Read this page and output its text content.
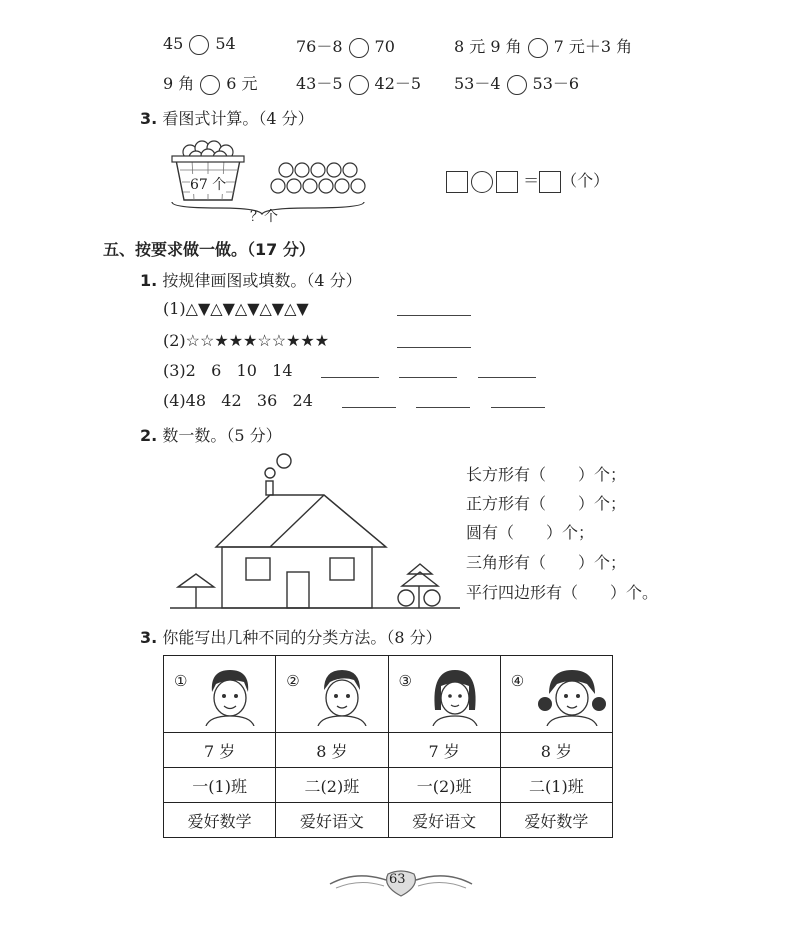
45 54	76－8 70	8 元 9 角 7 元＋3 角
9 角 6 元 43－5 42－5 53－4 53－6
3. 看图式计算。（4 分）
67 个
？个
＝ （个）
五、按要求做一做。（17 分）
1. 按规律画图或填数。（4 分）
(1)△▼△▼△▼△▼△▼
(2)☆☆★★★☆☆★★★
(3)2   6   10   14

(4)48   42   36   24

2. 数一数。（5 分）
长方形有（　　）个；
正方形有（　　）个；
圆有（　　）个；
三角形有（　　）个；
平行四边形有（　　）个。
3. 你能写出几种不同的分类方法。（8 分）
①	②	③	④

7 岁	8 岁	7 岁	8 岁
一(1)班	二(2)班	一(2)班	二(1)班
爱好数学	爱好语文	爱好语文	爱好数学
63
